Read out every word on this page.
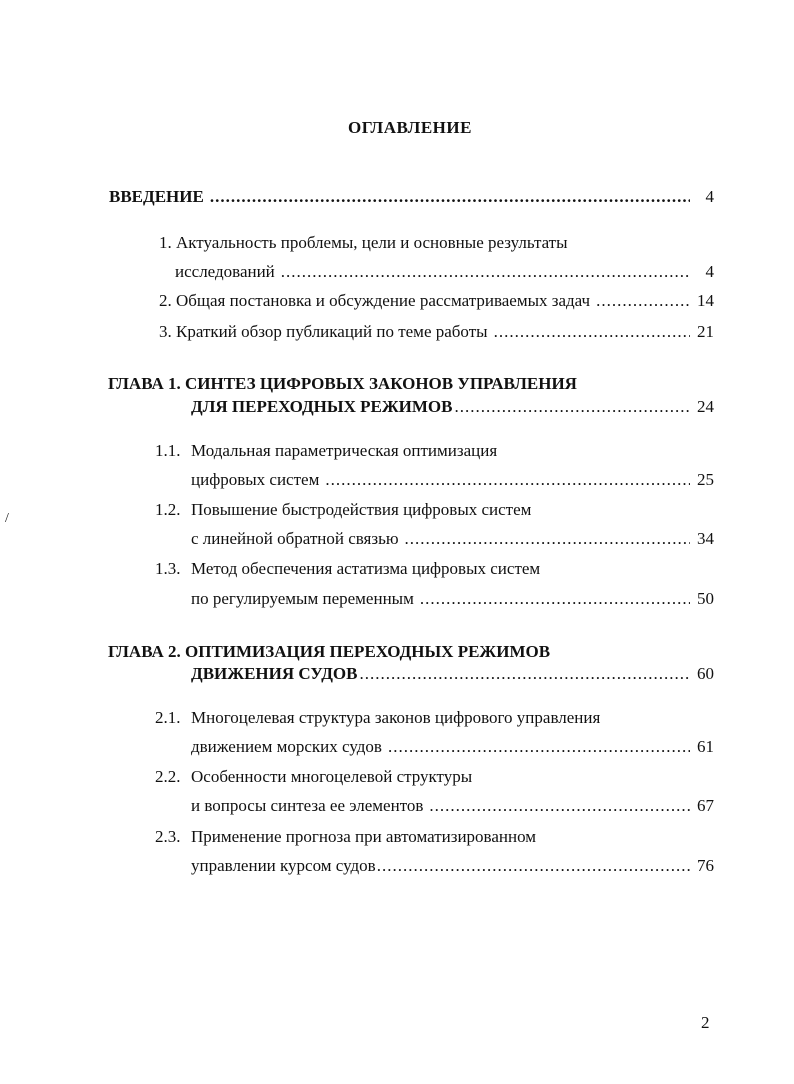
ОГЛАВЛЕНИЕ
ВВЕДЕНИЕ .....	4
1. Актуальность проблемы, цели и основные результаты
исследований .....	4
2. Общая постановка и обсуждение рассматриваемых задач .....	14
3. Краткий обзор публикаций по теме работы .....	21
ГЛАВА 1. СИНТЕЗ ЦИФРОВЫХ ЗАКОНОВ УПРАВЛЕНИЯ
ДЛЯ ПЕРЕХОДНЫХ РЕЖИМОВ .....	24
1.1. Модальная параметрическая оптимизация
цифровых систем .....	25
1.2. Повышение быстродействия цифровых систем
с линейной обратной связью .....	34
1.3. Метод обеспечения астатизма цифровых систем
по регулируемым переменным .....	50
ГЛАВА 2. ОПТИМИЗАЦИЯ ПЕРЕХОДНЫХ РЕЖИМОВ
ДВИЖЕНИЯ СУДОВ .....	60
2.1. Многоцелевая структура законов цифрового управления
движением морских судов .....	61
2.2. Особенности многоцелевой структуры
и вопросы синтеза ее элементов .....	67
2.3. Применение прогноза при автоматизированном
управлении курсом судов .....	76
/
2
